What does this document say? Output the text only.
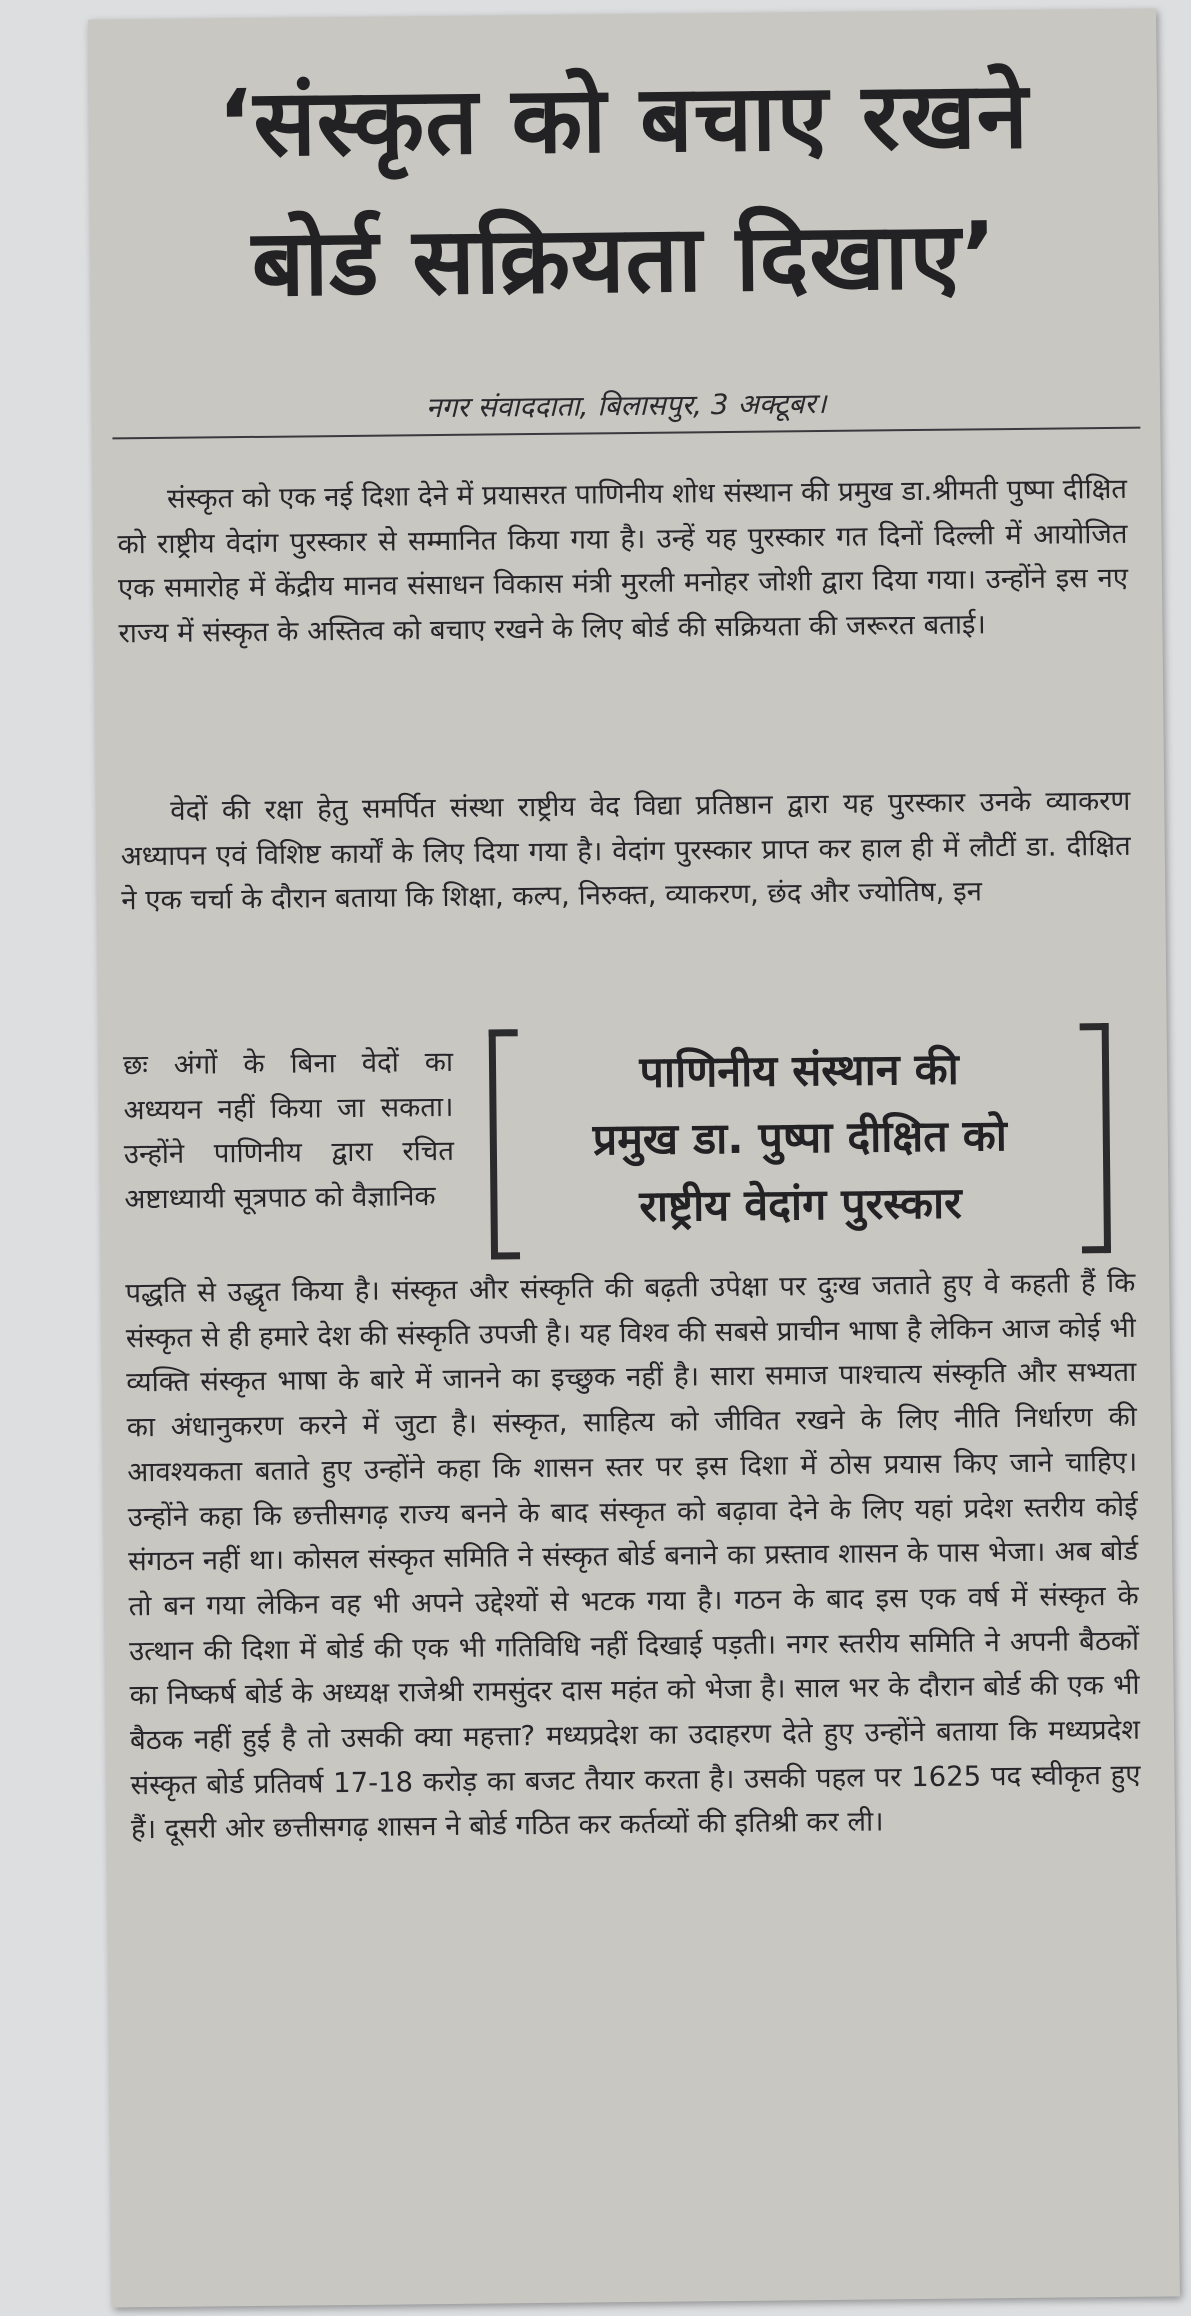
‘संस्कृत को बचाए रखने
बोर्ड सक्रियता दिखाए’
नगर संवाददाता, बिलासपुर, 3 अक्टूबर।
संस्कृत को एक नई दिशा देने में प्रयासरत पाणिनीय शोध संस्थान की प्रमुख डा.श्रीमती पुष्पा दीक्षित को राष्ट्रीय वेदांग पुरस्कार से सम्मानित किया गया है। उन्हें यह पुरस्कार गत दिनों दिल्ली में आयोजित एक समारोह में केंद्रीय मानव संसाधन विकास मंत्री मुरली मनोहर जोशी द्वारा दिया गया। उन्होंने इस नए राज्य में संस्कृत के अस्तित्व को बचाए रखने के लिए बोर्ड की सक्रियता की जरूरत बताई।
वेदों की रक्षा हेतु समर्पित संस्था राष्ट्रीय वेद विद्या प्रतिष्ठान द्वारा यह पुरस्कार उनके व्याकरण अध्यापन एवं विशिष्ट कार्यों के लिए दिया गया है। वेदांग पुरस्कार प्राप्त कर हाल ही में लौटीं डा. दीक्षित ने एक चर्चा के दौरान बताया कि शिक्षा, कल्प, निरुक्त, व्याकरण, छंद और ज्योतिष, इन
छः अंगों के बिना वेदों का अध्ययन नहीं किया जा सकता। उन्होंने पाणिनीय द्वारा रचित अष्टाध्यायी सूत्रपाठ को वैज्ञानिक
पाणिनीय संस्थान की
प्रमुख डा. पुष्पा दीक्षित को
राष्ट्रीय वेदांग पुरस्कार
पद्धति से उद्धृत किया है। संस्कृत और संस्कृति की बढ़ती उपेक्षा पर दुःख जताते हुए वे कहती हैं कि संस्कृत से ही हमारे देश की संस्कृति उपजी है। यह विश्व की सबसे प्राचीन भाषा है लेकिन आज कोई भी व्यक्ति संस्कृत भाषा के बारे में जानने का इच्छुक नहीं है। सारा समाज पाश्चात्य संस्कृति और सभ्यता का अंधानुकरण करने में जुटा है। संस्कृत, साहित्य को जीवित रखने के लिए नीति निर्धारण की आवश्यकता बताते हुए उन्होंने कहा कि शासन स्तर पर इस दिशा में ठोस प्रयास किए जाने चाहिए। उन्होंने कहा कि छत्तीसगढ़ राज्य बनने के बाद संस्कृत को बढ़ावा देने के लिए यहां प्रदेश स्तरीय कोई संगठन नहीं था। कोसल संस्कृत समिति ने संस्कृत बोर्ड बनाने का प्रस्ताव शासन के पास भेजा। अब बोर्ड तो बन गया लेकिन वह भी अपने उद्देश्यों से भटक गया है। गठन के बाद इस एक वर्ष में संस्कृत के उत्थान की दिशा में बोर्ड की एक भी गतिविधि नहीं दिखाई पड़ती। नगर स्तरीय समिति ने अपनी बैठकों का निष्कर्ष बोर्ड के अध्यक्ष राजेश्री रामसुंदर दास महंत को भेजा है। साल भर के दौरान बोर्ड की एक भी बैठक नहीं हुई है तो उसकी क्या महत्ता? मध्यप्रदेश का उदाहरण देते हुए उन्होंने बताया कि मध्यप्रदेश संस्कृत बोर्ड प्रतिवर्ष 17-18 करोड़ का बजट तैयार करता है। उसकी पहल पर 1625 पद स्वीकृत हुए हैं। दूसरी ओर छत्तीसगढ़ शासन ने बोर्ड गठित कर कर्तव्यों की इतिश्री कर ली।
